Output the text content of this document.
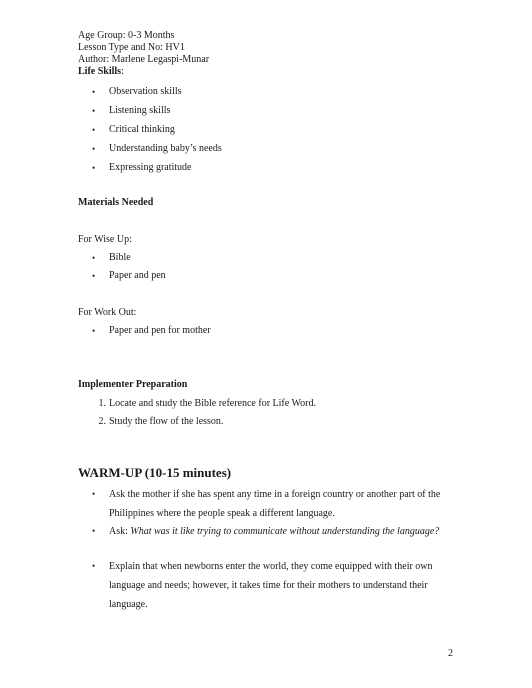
Age Group: 0-3 Months
Lesson Type and No: HV1
Author: Marlene Legaspi-Munar
Life Skills:
•	Observation skills
•	Listening skills
•	Critical thinking
•	Understanding baby’s needs
•	Expressing gratitude
Materials Needed
For Wise Up:
•	Bible
•	Paper and pen
For Work Out:
•	Paper and pen for mother
Implementer Preparation
1. Locate and study the Bible reference for Life Word.
2. Study the flow of the lesson.
WARM-UP (10-15 minutes)
• Ask the mother if she has spent any time in a foreign country or another part of the Philippines where the people speak a different language.
• Ask: What was it like trying to communicate without understanding the language?
• Explain that when newborns enter the world, they come equipped with their own language and needs; however, it takes time for their mothers to understand their language.
2
